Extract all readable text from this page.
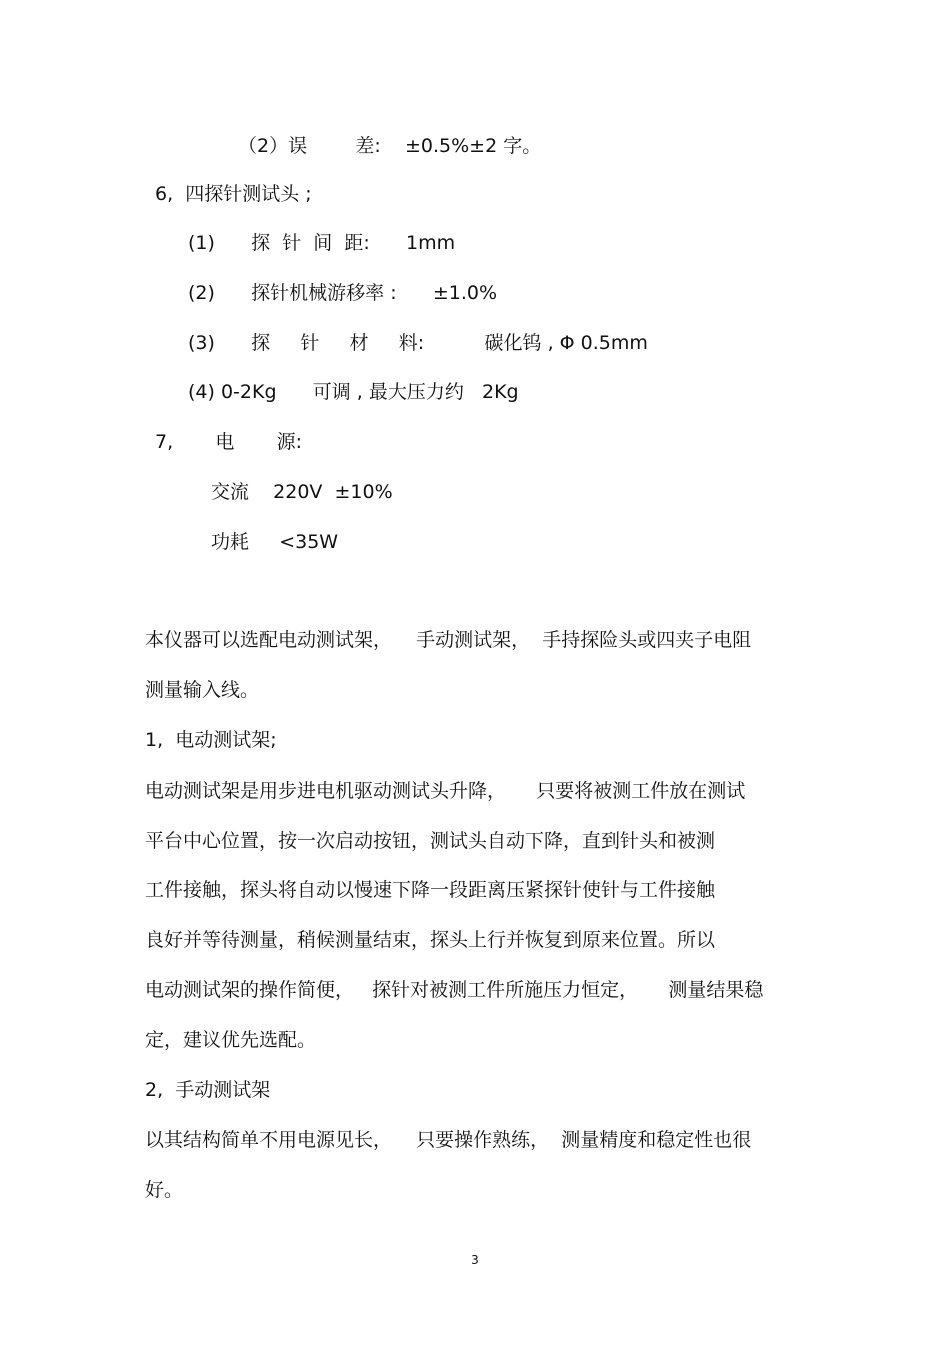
（2）误        差:    ±0.5%±2 字。
6,  四探针测试头 ;
(1)      探  针  间  距:      1mm
(2)      探针机械游移率 :      ±1.0%
(3)      探     针     材     料:          碳化钨 , Φ 0.5mm
(4) 0-2Kg      可调 , 最大压力约   2Kg
7,       电       源:
交流    220V  ±10%
功耗     <35W
本仪器可以选配电动测试架，    手动测试架，  手持探险头或四夹子电阻
测量输入线。
1,  电动测试架;
电动测试架是用步进电机驱动测试头升降，     只要将被测工件放在测试
平台中心位置，按一次启动按钮，测试头自动下降，直到针头和被测
工件接触，探头将自动以慢速下降一段距离压紧探针使针与工件接触
良好并等待测量，稍候测量结束，探头上行并恢复到原来位置。所以
电动测试架的操作简便，   探针对被测工件所施压力恒定，     测量结果稳
定，建议优先选配。
2,  手动测试架
以其结构简单不用电源见长，    只要操作熟练，  测量精度和稳定性也很
好。
3
